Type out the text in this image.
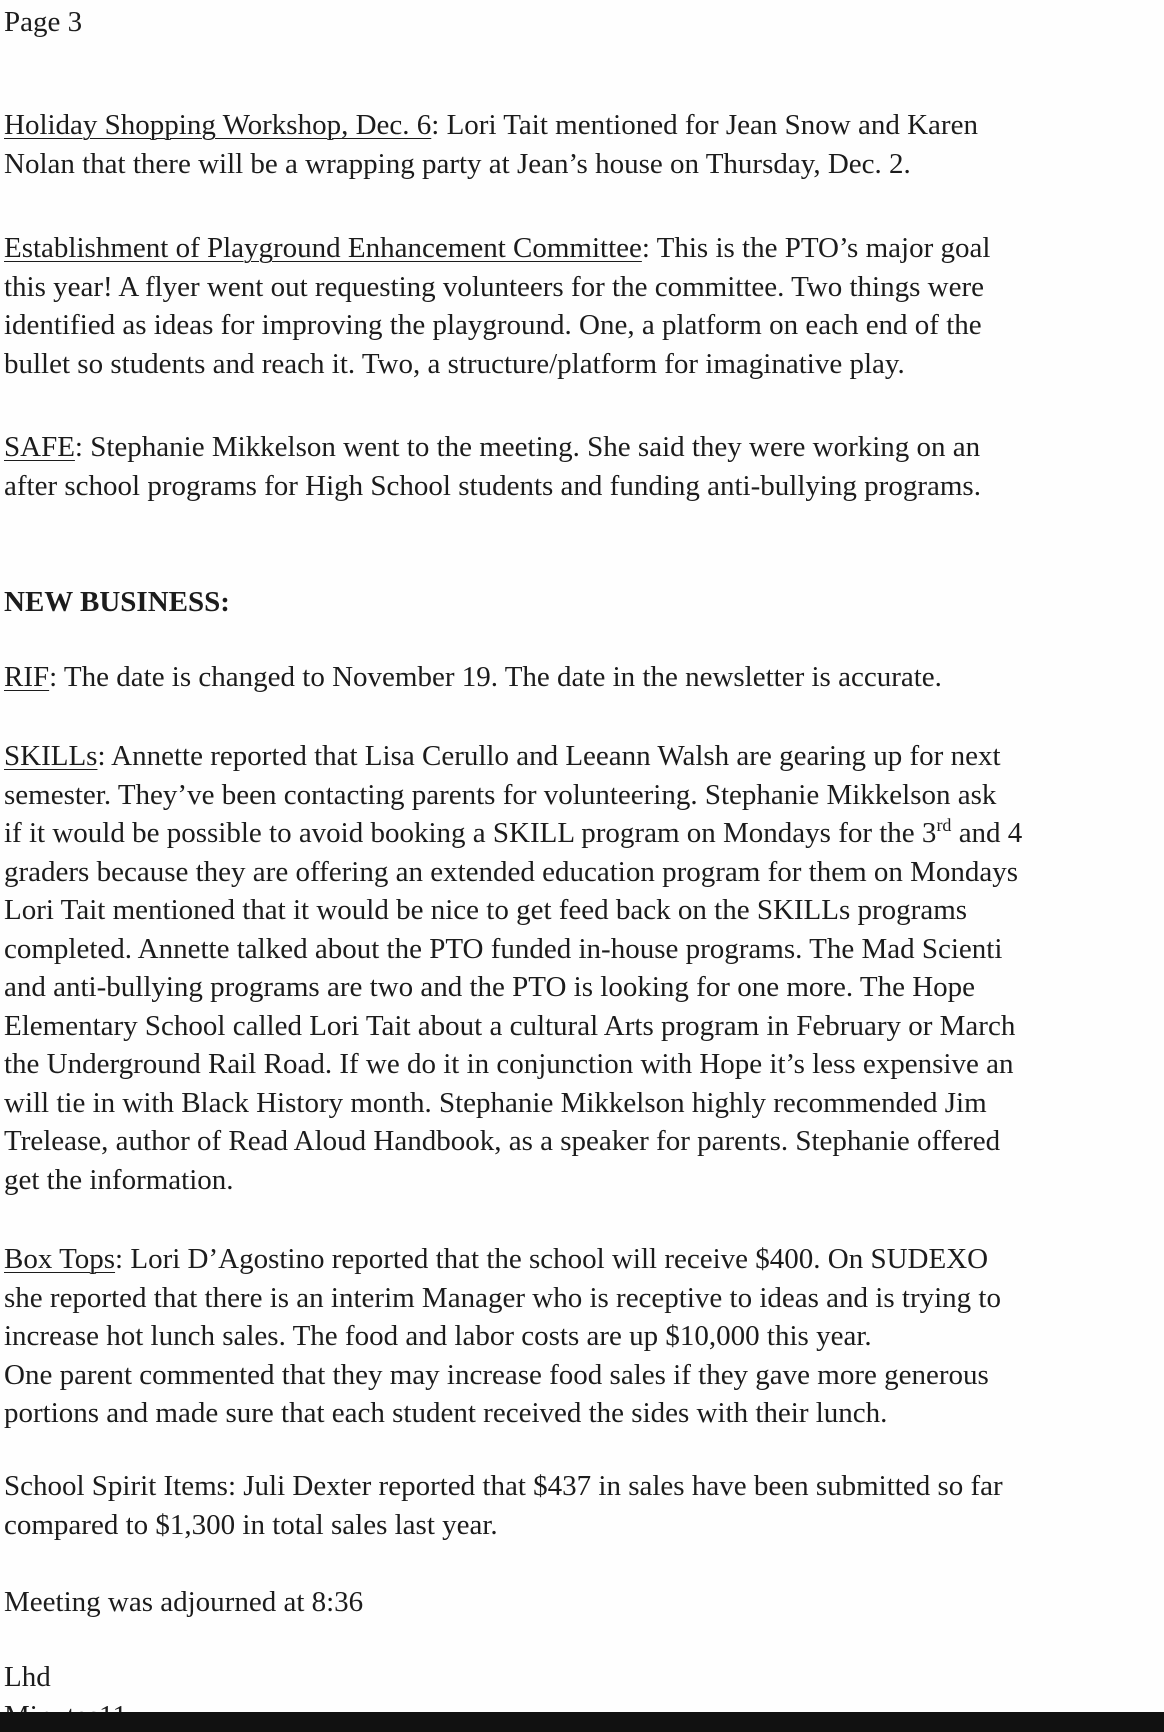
Page 3
Holiday Shopping Workshop, Dec. 6: Lori Tait mentioned for Jean Snow and Karen
Nolan that there will be a wrapping party at Jean’s house on Thursday, Dec. 2.
Establishment of Playground Enhancement Committee: This is the PTO’s major goal
this year! A flyer went out requesting volunteers for the committee. Two things were
identified as ideas for improving the playground. One, a platform on each end of the
bullet so students and reach it. Two, a structure/platform for imaginative play.
SAFE: Stephanie Mikkelson went to the meeting. She said they were working on an
after school programs for High School students and funding anti-bullying programs.
NEW BUSINESS:
RIF: The date is changed to November 19. The date in the newsletter is accurate.
SKILLs: Annette reported that Lisa Cerullo and Leeann Walsh are gearing up for next
semester. They’ve been contacting parents for volunteering. Stephanie Mikkelson ask
if it would be possible to avoid booking a SKILL program on Mondays for the 3rd and 4
graders because they are offering an extended education program for them on Mondays
Lori Tait mentioned that it would be nice to get feed back on the SKILLs programs
completed. Annette talked about the PTO funded in-house programs. The Mad Scienti
and anti-bullying programs are two and the PTO is looking for one more. The Hope
Elementary School called Lori Tait about a cultural Arts program in February or March
the Underground Rail Road. If we do it in conjunction with Hope it’s less expensive an
will tie in with Black History month. Stephanie Mikkelson highly recommended Jim
Trelease, author of Read Aloud Handbook, as a speaker for parents. Stephanie offered
get the information.
Box Tops: Lori D’Agostino reported that the school will receive $400. On SUDEXO
she reported that there is an interim Manager who is receptive to ideas and is trying to
increase hot lunch sales. The food and labor costs are up $10,000 this year.
One parent commented that they may increase food sales if they gave more generous
portions and made sure that each student received the sides with their lunch.
School Spirit Items: Juli Dexter reported that $437 in sales have been submitted so far
compared to $1,300 in total sales last year.
Meeting was adjourned at 8:36
Lhd
